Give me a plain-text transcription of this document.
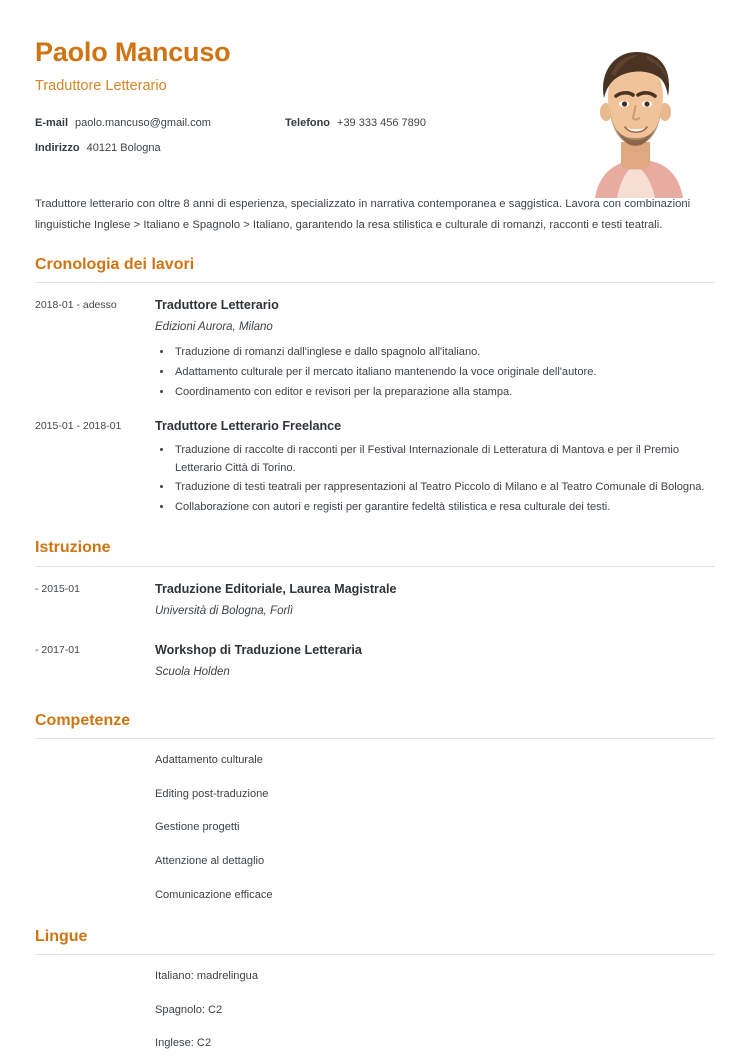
Paolo Mancuso
Traduttore Letterario
E-mail paolo.mancuso@gmail.com	Telefono +39 333 456 7890
Indirizzo 40121 Bologna
Traduttore letterario con oltre 8 anni di esperienza, specializzato in narrativa contemporanea e saggistica. Lavora con combinazioni linguistiche Inglese > Italiano e Spagnolo > Italiano, garantendo la resa stilistica e culturale di romanzi, racconti e testi teatrali.
Cronologia dei lavori
2018-01 - adesso	Traduttore Letterario
Edizioni Aurora, Milano
• Traduzione di romanzi dall'inglese e dallo spagnolo all'italiano.
• Adattamento culturale per il mercato italiano mantenendo la voce originale dell'autore.
• Coordinamento con editor e revisori per la preparazione alla stampa.
2015-01 - 2018-01	Traduttore Letterario Freelance
• Traduzione di raccolte di racconti per il Festival Internazionale di Letteratura di Mantova e per il Premio Letterario Città di Torino.
• Traduzione di testi teatrali per rappresentazioni al Teatro Piccolo di Milano e al Teatro Comunale di Bologna.
• Collaborazione con autori e registi per garantire fedeltà stilistica e resa culturale dei testi.
Istruzione
- 2015-01	Traduzione Editoriale, Laurea Magistrale
Università di Bologna, Forlì
- 2017-01	Workshop di Traduzione Letteraria
Scuola Holden
Competenze
Adattamento culturale
Editing post-traduzione
Gestione progetti
Attenzione al dettaglio
Comunicazione efficace
Lingue
Italiano: madrelingua
Spagnolo: C2
Inglese: C2
